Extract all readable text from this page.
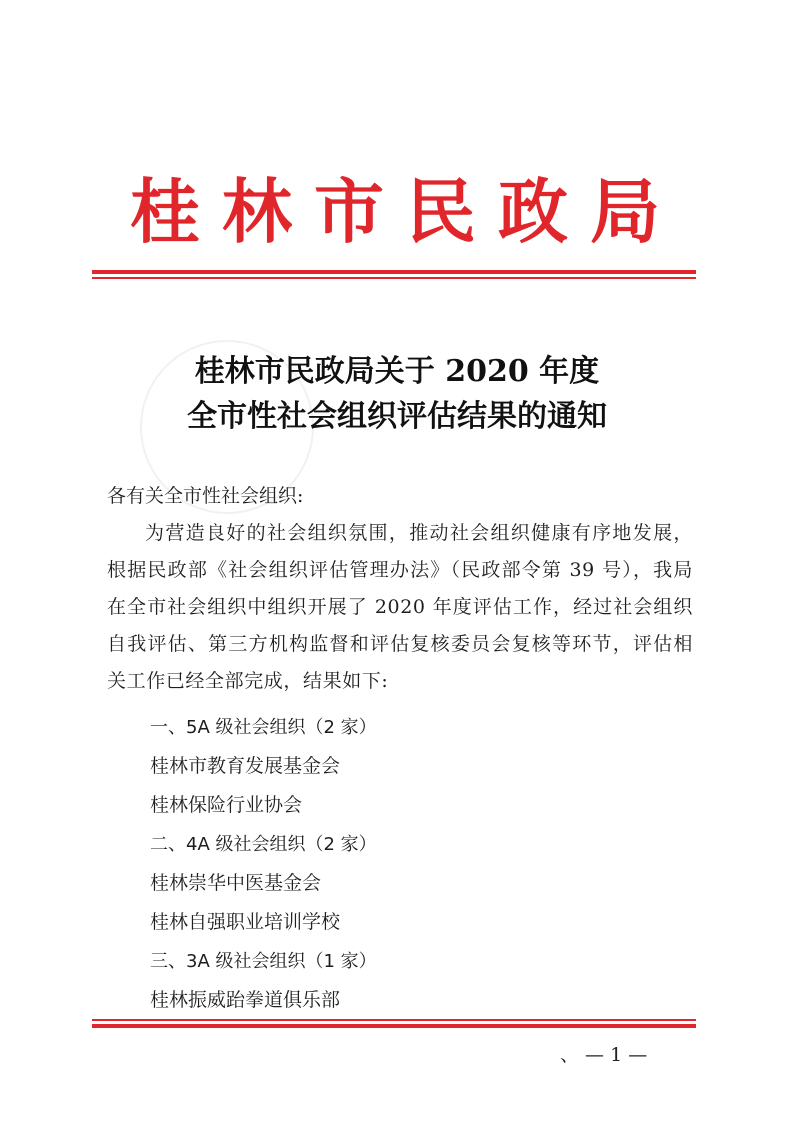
桂林市民政局
桂林市民政局关于 2020 年度
全市性社会组织评估结果的通知
各有关全市性社会组织:
为营造良好的社会组织氛围，推动社会组织健康有序地发展，根据民政部《社会组织评估管理办法》（民政部令第 39 号），我局在全市社会组织中组织开展了 2020 年度评估工作，经过社会组织自我评估、第三方机构监督和评估复核委员会复核等环节，评估相关工作已经全部完成，结果如下:
一、5A 级社会组织（2 家）
桂林市教育发展基金会
桂林保险行业协会
二、4A 级社会组织（2 家）
桂林崇华中医基金会
桂林自强职业培训学校
三、3A 级社会组织（1 家）
桂林振威跆拳道俱乐部
、 — 1 —
